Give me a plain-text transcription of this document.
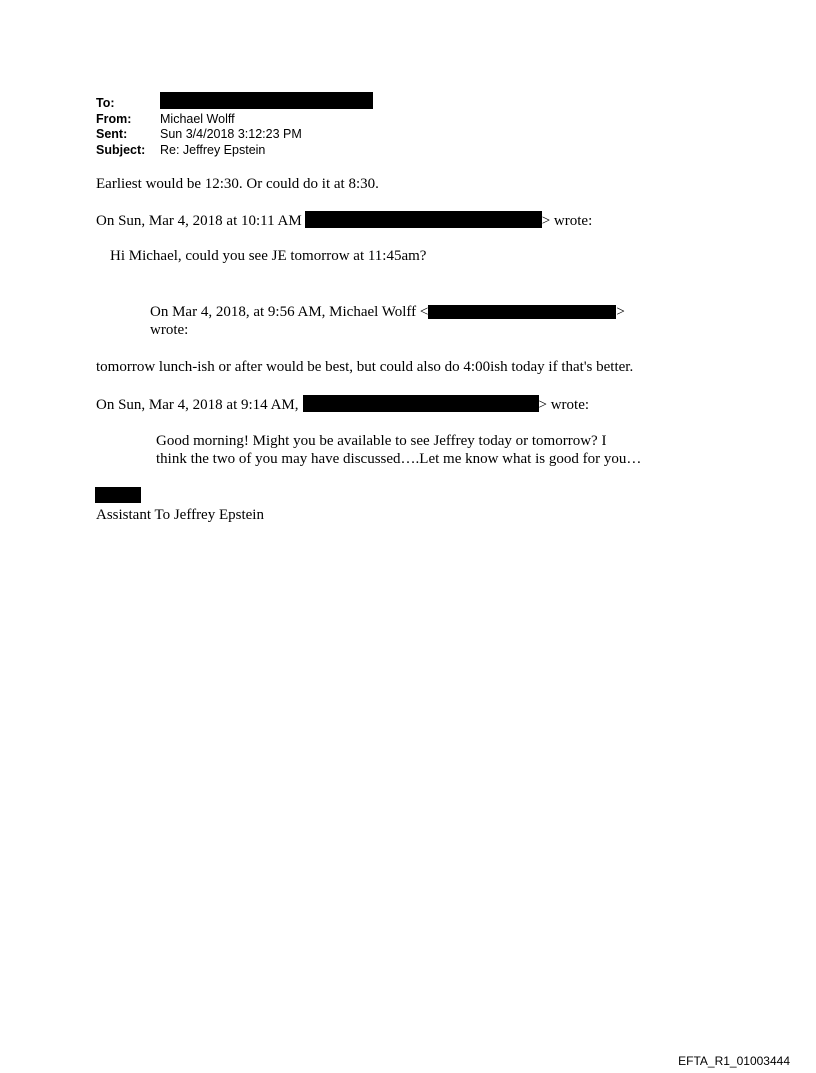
To:
From: Michael Wolff
Sent:	Sun 3/4/2018 3:12:23 PM
Subject: Re: Jeffrey Epstein
Earliest would be 12:30. Or could do it at 8:30.
On Sun, Mar 4, 2018 at 10:11 AM	> wrote:
Hi Michael, could you see JE tomorrow at 11:45am?
On Mar 4, 2018, at 9:56 AM, Michael Wolff <	>
wrote:
tomorrow lunch-ish or after would be best, but could also do 4:00ish today if that's better.
On Sun, Mar 4, 2018 at 9:14 AM,	> wrote:
Good morning! Might you be available to see Jeffrey today or tomorrow? I
think the two of you may have discussed….Let me know what is good for you…
Assistant To Jeffrey Epstein
EFTA_R1_01003444
